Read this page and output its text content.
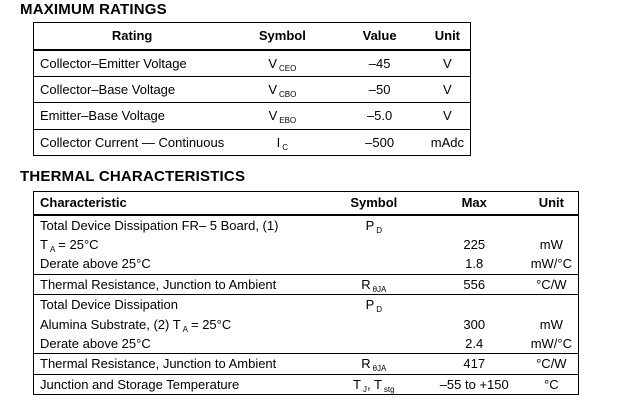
MAXIMUM RATINGS
Rating	Symbol	Value	Unit
Collector–Emitter Voltage	V $_{CEO}$	–45	V
Collector–Base Voltage	V $_{CBO}$	–50	V
Emitter–Base Voltage	V $_{EBO}$	–5.0	V
Collector Current — Continuous	I $_C$	–500	mAdc
THERMAL CHARACTERISTICS
Characteristic	Symbol	Max	Unit
Total Device Dissipation FR– 5 Board, (1)	P $_D$		
T $_A$ = 25°C		225	mW
Derate above 25°C		1.8	mW/°C
Thermal Resistance, Junction to Ambient	R $_{\theta JA}$	556	°C/W
Total Device Dissipation	P $_D$		
Alumina Substrate, (2) T $_A$ = 25°C		300	mW
Derate above 25°C		2.4	mW/°C
Thermal Resistance, Junction to Ambient	R $_{\theta JA}$	417	°C/W
Junction and Storage Temperature	T $_J$, T $_{stg}$	–55 to +150	°C
